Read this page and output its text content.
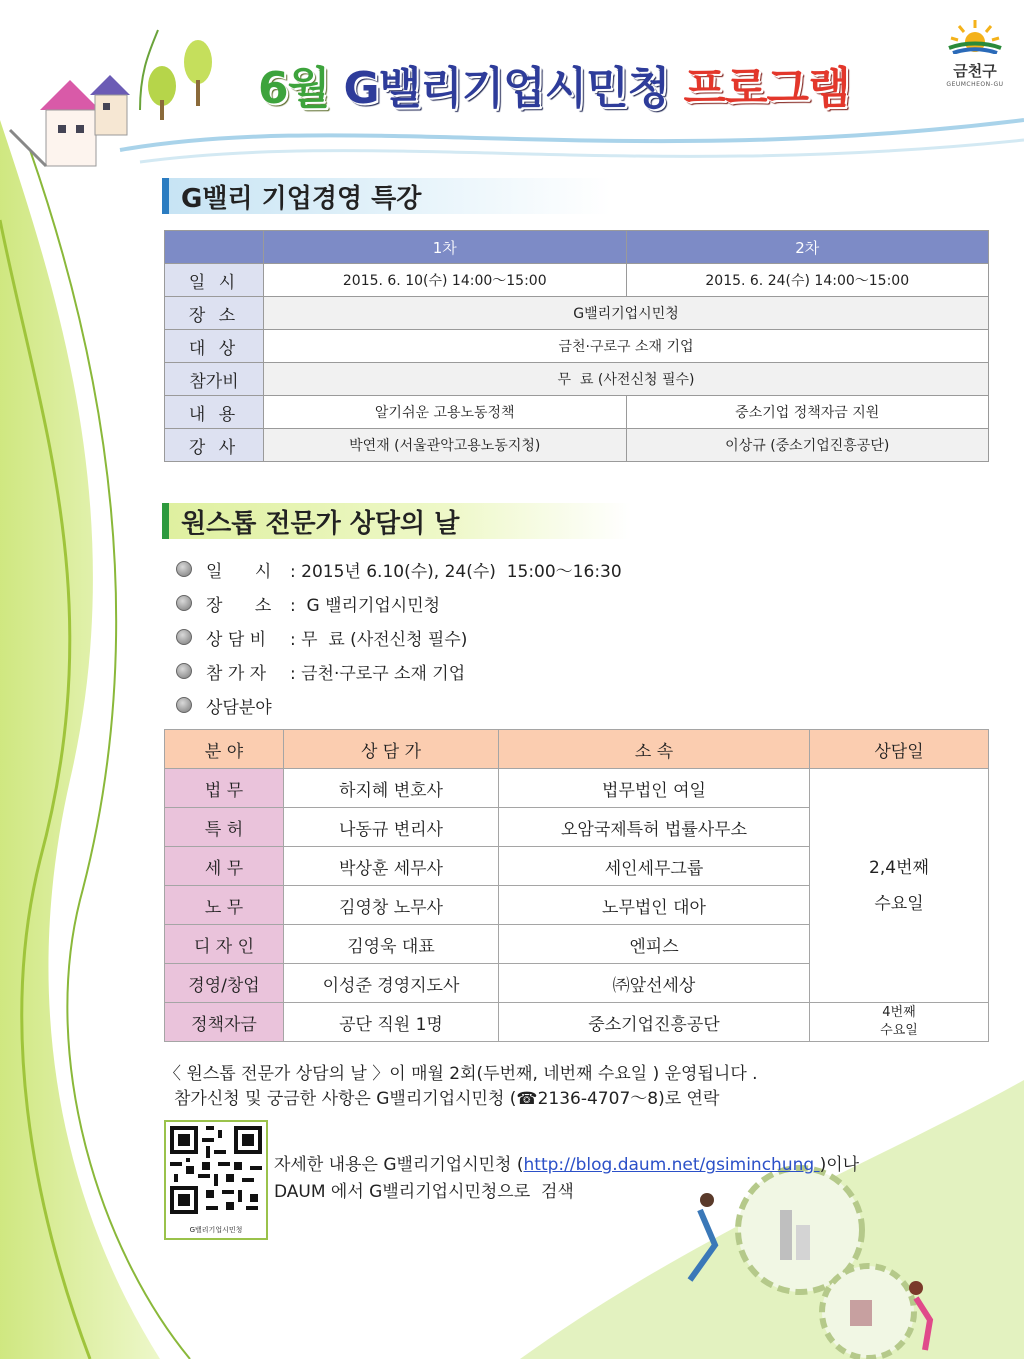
6월 G밸리기업시민청 프로그램	금천구
GEUMCHEON-GU
G밸리 기업경영 특강
	1차	2차
일 시	2015. 6. 10(수) 14:00～15:00	2015. 6. 24(수) 14:00～15:00
장 소	G밸리기업시민청	
대 상	금천·구로구 소재 기업	
참가비	무  료 (사전신청 필수)	
내 용	알기쉬운 고용노동정책	중소기업 정책자금 지원
강 사	박연재 (서울관악고용노동지청)	이상규 (중소기업진흥공단)
원스톱 전문가 상담의 날
일      시	: 2015년 6.10(수), 24(수)  15:00～16:30
장      소	:  G 밸리기업시민청
상 담 비	: 무  료 (사전신청 필수)
참 가 자	: 금천·구로구 소재 기업
상담분야
분 야	상 담 가	소 속	상담일
법 무	하지혜 변호사	법무법인 여일	2,4번째
수요일

특 허	나동규 변리사	오암국제특허 법률사무소	
세 무	박상훈 세무사	세인세무그룹	
노 무	김영창 노무사	노무법인 대아	
디 자 인	김영욱 대표	엔피스	
경영/창업	이성준 경영지도사	㈜앞선세상	
정책자금	공단 직원 1명	중소기업진흥공단	4번째
수요일
〈 원스톱 전문가 상담의 날 〉이 매월 2회(두번째, 네번째 수요일 ) 운영됩니다 .
참가신청 및 궁금한 사항은 G밸리기업시민청 (☎2136-4707～8)로 연락
G밸리기업시민청
자세한 내용은 G밸리기업시민청 (http://blog.daum.net/gsiminchung )이나
DAUM 에서 G밸리기업시민청으로  검색
